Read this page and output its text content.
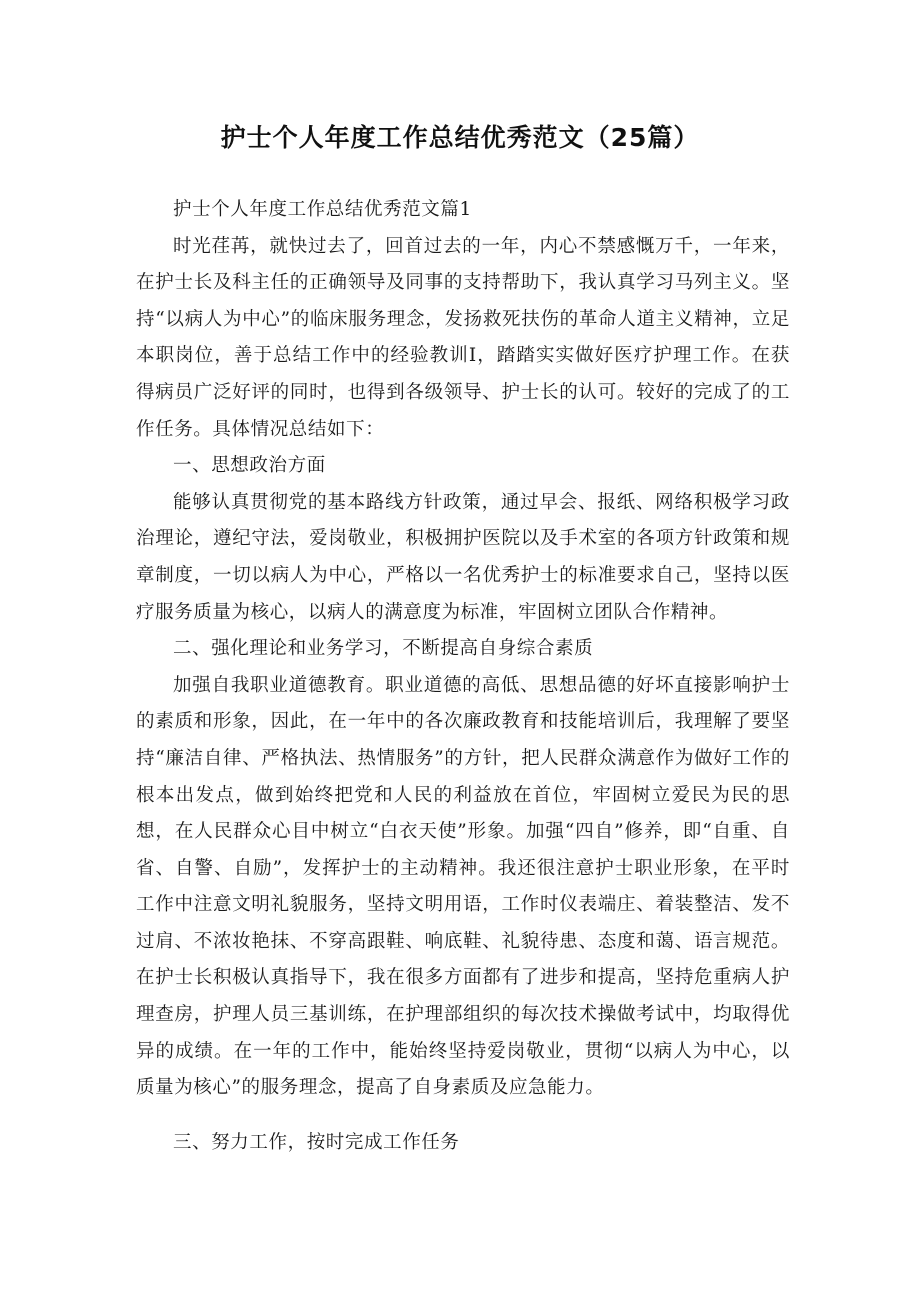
护士个人年度工作总结优秀范文（25篇）

护士个人年度工作总结优秀范文篇1

时光荏苒，就快过去了，回首过去的一年，内心不禁感慨万千，一年来，在护士长及科主任的正确领导及同事的支持帮助下，我认真学习马列主义。坚持“以病人为中心”的临床服务理念，发扬救死扶伤的革命人道主义精神，立足本职岗位，善于总结工作中的经验教训I，踏踏实实做好医疗护理工作。在获得病员广泛好评的同时，也得到各级领导、护士长的认可。较好的完成了的工作任务。具体情况总结如下：

一、思想政治方面

能够认真贯彻党的基本路线方针政策，通过早会、报纸、网络积极学习政治理论，遵纪守法，爱岗敬业，积极拥护医院以及手术室的各项方针政策和规章制度，一切以病人为中心，严格以一名优秀护士的标准要求自己，坚持以医疗服务质量为核心，以病人的满意度为标准，牢固树立团队合作精神。

二、强化理论和业务学习，不断提高自身综合素质

加强自我职业道德教育。职业道德的高低、思想品德的好坏直接影响护士的素质和形象，因此，在一年中的各次廉政教育和技能培训后，我理解了要坚持“廉洁自律、严格执法、热情服务”的方针，把人民群众满意作为做好工作的根本出发点，做到始终把党和人民的利益放在首位，牢固树立爱民为民的思想，在人民群众心目中树立“白衣天使”形象。加强“四自”修养，即“自重、自省、自警、自励”，发挥护士的主动精神。我还很注意护士职业形象，在平时工作中注意文明礼貌服务，坚持文明用语，工作时仪表端庄、着装整洁、发不过肩、不浓妆艳抹、不穿高跟鞋、响底鞋、礼貌待患、态度和蔼、语言规范。在护士长积极认真指导下，我在很多方面都有了进步和提高，坚持危重病人护理查房，护理人员三基训练，在护理部组织的每次技术操做考试中，均取得优异的成绩。在一年的工作中，能始终坚持爱岗敬业，贯彻“以病人为中心，以质量为核心”的服务理念，提高了自身素质及应急能力。

三、努力工作，按时完成工作任务
